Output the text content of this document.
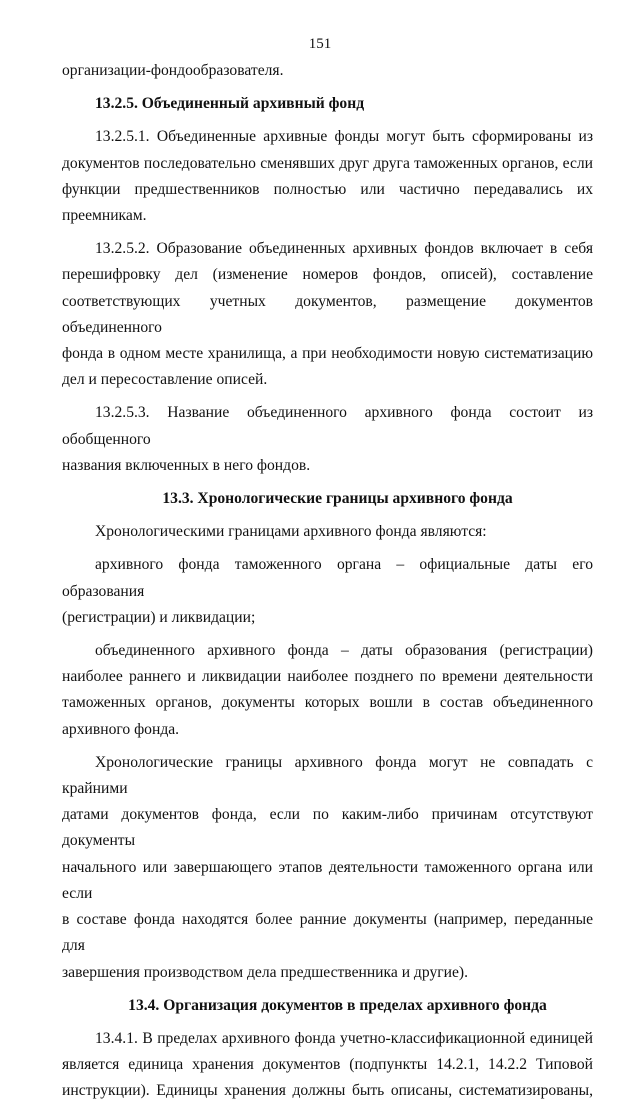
151

организации-фондообразователя.

13.2.5. Объединенный архивный фонд

13.2.5.1. Объединенные архивные фонды могут быть сформированы из

документов последовательно сменявших друг друга таможенных органов, если

функции предшественников полностью или частично передавались их

преемникам.

13.2.5.2. Образование объединенных архивных фондов включает в себя

перешифровку дел (изменение номеров фондов, описей), составление

соответствующих учетных документов, размещение документов объединенного

фонда в одном месте хранилища, а при необходимости новую систематизацию

дел и пересоставление описей.

13.2.5.3. Название объединенного архивного фонда состоит из обобщенного

названия включенных в него фондов.

13.3. Хронологические границы архивного фонда

Хронологическими границами архивного фонда являются:

архивного фонда таможенного органа – официальные даты его образования

(регистрации) и ликвидации;

объединенного архивного фонда – даты образования (регистрации)

наиболее раннего и ликвидации наиболее позднего по времени деятельности

таможенных органов, документы которых вошли в состав объединенного

архивного фонда.

Хронологические границы архивного фонда могут не совпадать с крайними

датами документов фонда, если по каким-либо причинам отсутствуют документы

начального или завершающего этапов деятельности таможенного органа или если

в составе фонда находятся более ранние документы (например, переданные для

завершения производством дела предшественника и другие).

13.4. Организация документов в пределах архивного фонда

13.4.1. В пределах архивного фонда учетно-классификационной единицей

является единица хранения документов (подпункты 14.2.1, 14.2.2 Типовой

инструкции). Единицы хранения должны быть описаны, систематизированы,
